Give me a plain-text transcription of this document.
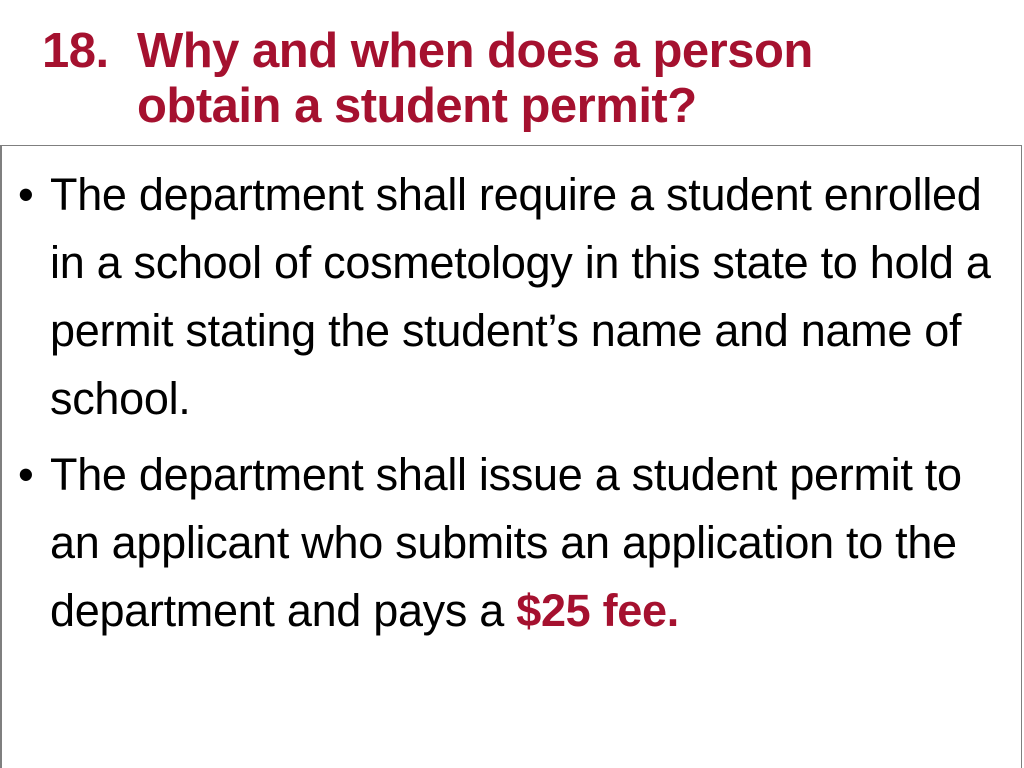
18. Why and when does a person
obtain a student permit?
• The department shall require a student enrolled in a school of cosmetology in this state to hold a permit stating the student’s name and name of school.
• The department shall issue a student permit to an applicant who submits an application to the department and pays a $25 fee.
